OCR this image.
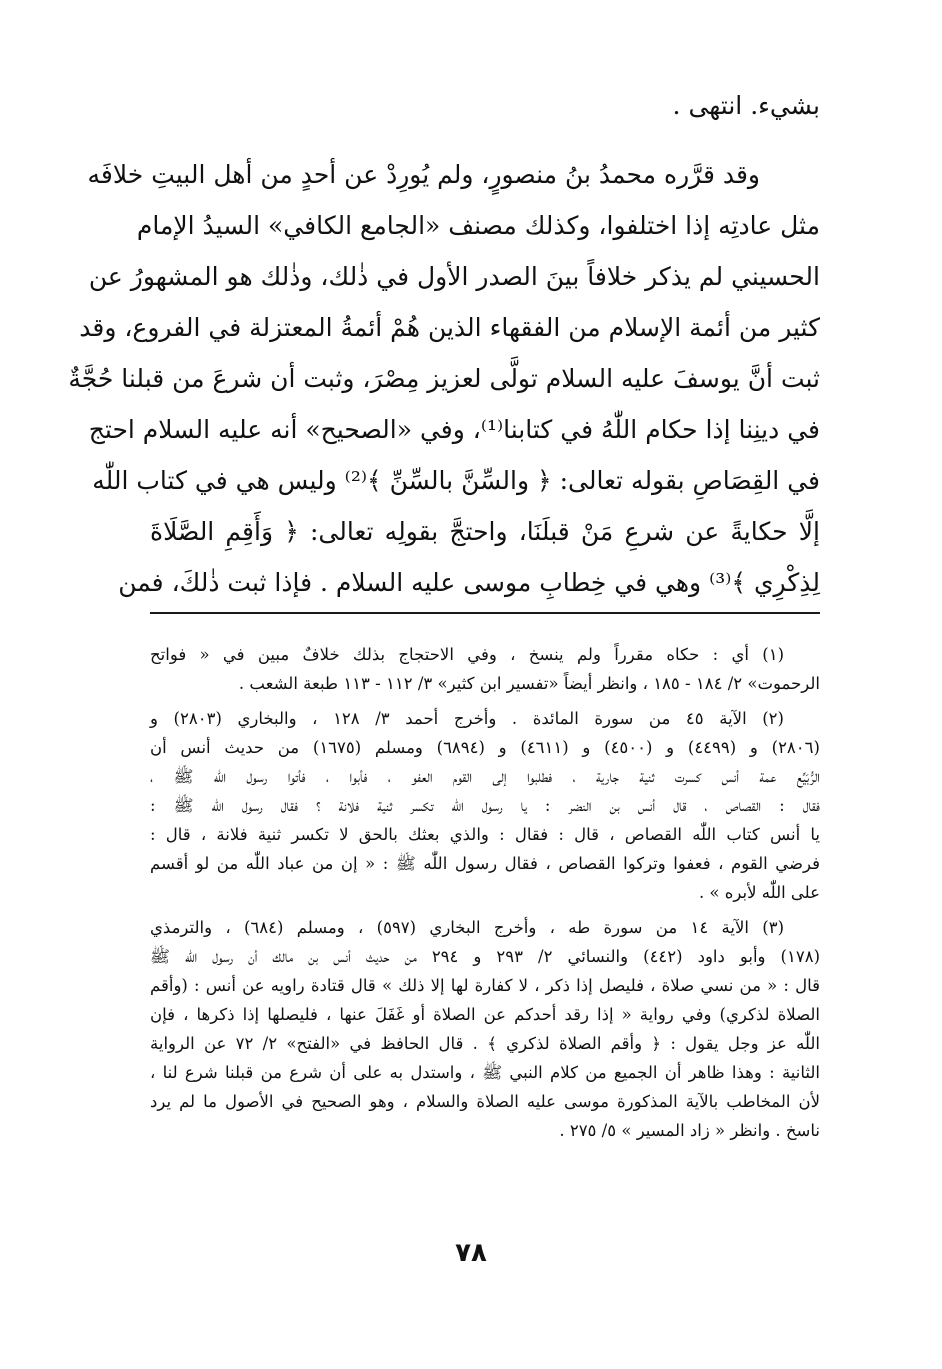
بشيء. انتهى .
وقد قرَّره محمدُ بنُ منصورٍ، ولم يُورِدْ عن أحدٍ من أهل البيتِ خلافَه
مثل عادتِه إذا اختلفوا، وكذلك مصنف «الجامع الكافي» السيدُ الإمام
الحسيني لم يذكر خلافاً بينَ الصدر الأول في ذٰلك، وذٰلك هو المشهورُ عن
كثير من أئمة الإسلام من الفقهاء الذين هُمْ أئمةُ المعتزلة في الفروع، وقد
ثبت أنَّ يوسفَ عليه السلام تولَّى لعزيز مِصْرَ، وثبت أن شرعَ من قبلنا حُجَّةٌ
في دينِنا إذا حكام اللّٰهُ في كتابنا⁽¹⁾، وفي «الصحيح» أنه عليه السلام احتج
في القِصَاصِ بقوله تعالى: ﴿ والسِّنَّ بالسِّنِّ ﴾⁽²⁾ وليس هي في كتاب اللّٰه
إلَّا حكايةً عن شرعِ مَنْ قبلَنَا، واحتجَّ بقولِه تعالى: ﴿ وَأَقِمِ الصَّلَاةَ
لِذِكْرِي ﴾⁽³⁾ وهي في خِطابِ موسى عليه السلام . فإذا ثبت ذٰلكَ، فمن
(١) أي : حكاه مقرراً ولم ينسخ ، وفي الاحتجاج بذلك خلافٌ مبين في « فواتح
الرحموت» ٢/ ١٨٤ - ١٨٥ ، وانظر أيضاً «تفسير ابن كثير» ٣/ ١١٢ - ١١٣ طبعة الشعب .
(٢) الآية ٤٥ من سورة المائدة . وأخرج أحمد ٣/ ١٢٨ ، والبخاري (٢٨٠٣) و
(٢٨٠٦) و (٤٤٩٩) و (٤٥٠٠) و (٤٦١١) و (٦٨٩٤) ومسلم (١٦٧٥) من حديث أنس أن
الرُّبَيِّع عمة أنس كسرت ثنية جارية ، فطلبوا إلى القوم العفو ، فأبوا ، فأتوا رسول اللّٰه ﷺ ،
فقال : القصاص ، قال أنس بن النضر : يا رسول اللّٰه تكسر ثنية فلانة ؟ فقال رسول اللّٰه ﷺ :
يا أنس كتاب اللّٰه القصاص ، قال : فقال : والذي بعثك بالحق لا تكسر ثنية فلانة ، قال :
فرضي القوم ، فعفوا وتركوا القصاص ، فقال رسول اللّٰه ﷺ : « إن من عباد اللّٰه من لو أقسم
على اللّٰه لأبره » .
(٣) الآية ١٤ من سورة طه ، وأخرج البخاري (٥٩٧) ، ومسلم (٦٨٤) ، والترمذي
(١٧٨) وأبو داود (٤٤٢) والنسائي ٢/ ٢٩٣ و ٢٩٤ من حديث أنس بن مالك أن رسول اللّٰه ﷺ
قال : « من نسي صلاة ، فليصل إذا ذكر ، لا كفارة لها إلا ذلك » قال قتادة راويه عن أنس : (وأقم
الصلاة لذكري) وفي رواية « إذا رقد أحدكم عن الصلاة أو غَفَلَ عنها ، فليصلها إذا ذكرها ، فإن
اللّٰه عز وجل يقول : ﴿ وأقم الصلاة لذكري ﴾ . قال الحافظ في «الفتح» ٢/ ٧٢ عن الرواية
الثانية : وهذا ظاهر أن الجميع من كلام النبي ﷺ ، واستدل به على أن شرع من قبلنا شرع لنا ،
لأن المخاطب بالآية المذكورة موسى عليه الصلاة والسلام ، وهو الصحيح في الأصول ما لم يرد
ناسخ . وانظر « زاد المسير » ٥/ ٢٧٥ .
٧٨
